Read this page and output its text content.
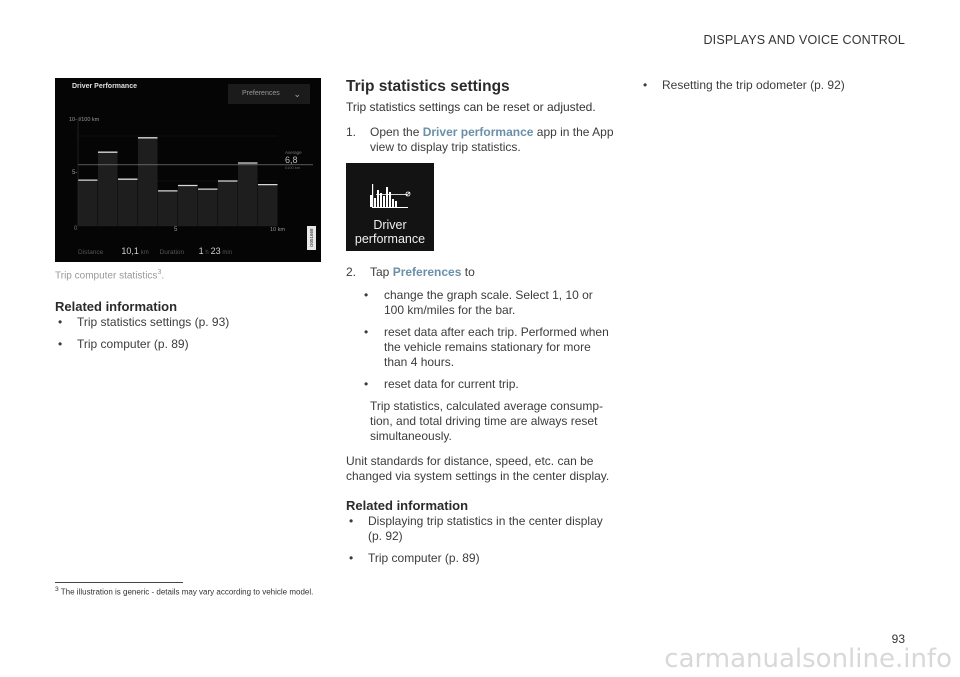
DISPLAYS AND VOICE CONTROL
Driver Performance
Preferences ⌄
10- l/100 km
5-
0
Average
6,8
l/100 km
5	10 km
Distance 10,1 km Duration 1 h 23 min
G051668
Trip computer statistics$^3$.
Related information
• Trip statistics settings (p. 93)
• Trip computer (p. 89)
Trip statistics settings

Trip statistics settings can be reset or adjusted.

1. Open the Driver performance app in the App view to display trip statistics.
Driver
performance
2. Tap Preferences to
• change the graph scale. Select 1, 10 or 100 km/miles for the bar.
• reset data after each trip. Performed when the vehicle remains stationary for more than 4 hours.
• reset data for current trip.

Trip statistics, calculated average consump-tion, and total driving time are always reset simultaneously.

Unit standards for distance, speed, etc. can be changed via system settings in the center display.

Related information
• Displaying trip statistics in the center display (p. 92)
• Trip computer (p. 89)
• Resetting the trip odometer (p. 92)
$^3$ The illustration is generic - details may vary according to vehicle model.
93
carmanualsonline.info
